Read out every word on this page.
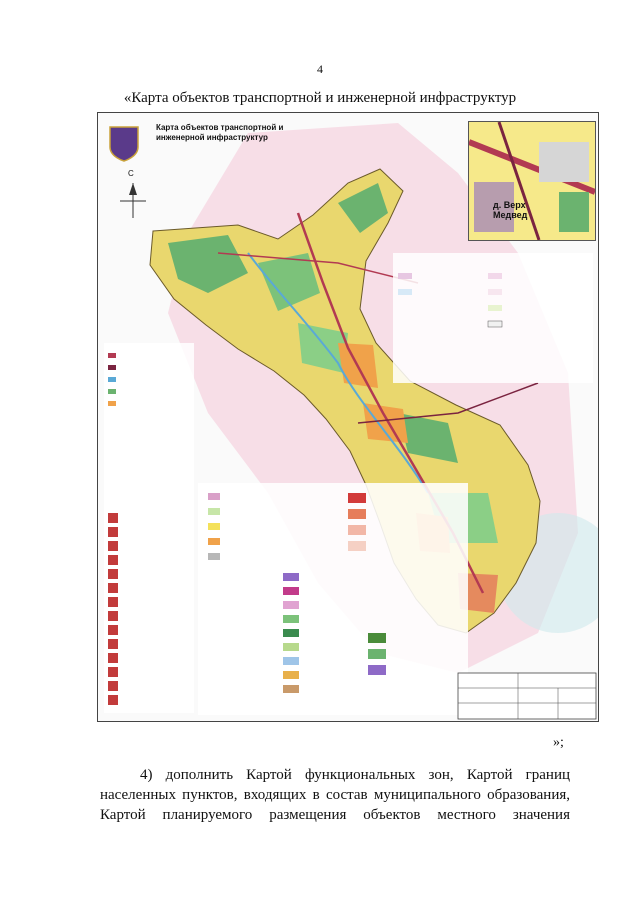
4
«Карта объектов транспортной и инженерной инфраструктур
Карта объектов транспортной и инженерной инфраструктур
С
д. Верх
Медвед
»;

4) дополнить Картой функциональных зон, Картой границ населенных пунктов, входящих в состав муниципального образования, Картой планируемого размещения объектов местного значения
